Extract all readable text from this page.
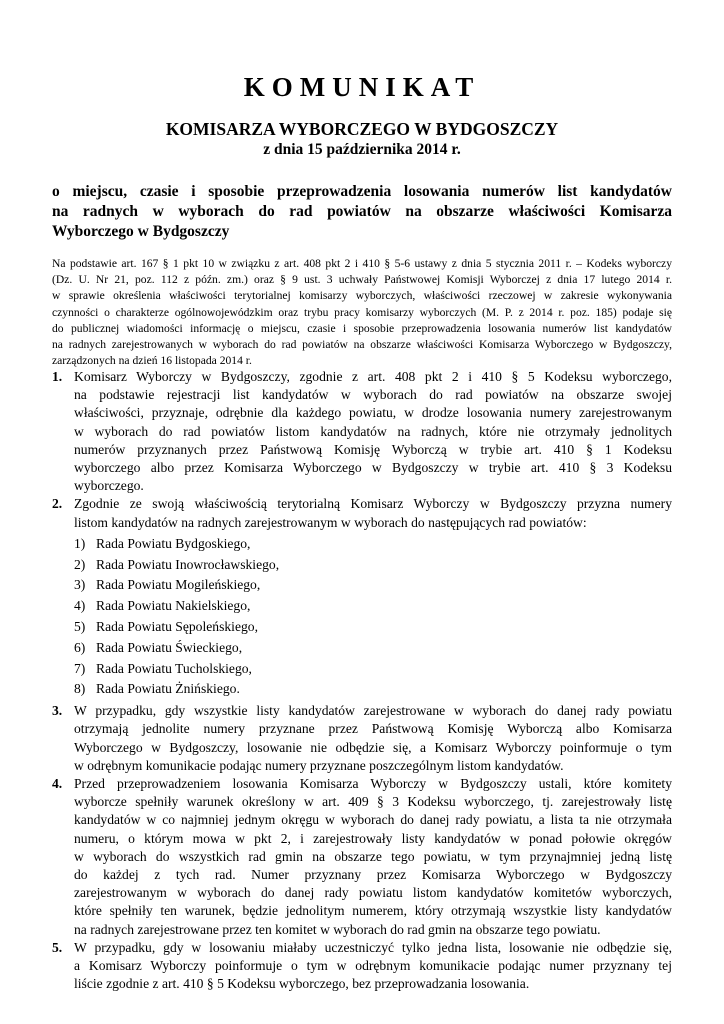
KOMUNIKAT
KOMISARZA WYBORCZEGO W BYDGOSZCZY
z dnia 15 października 2014 r.
o miejscu, czasie i sposobie przeprowadzenia losowania numerów list kandydatów
na radnych w wyborach do rad powiatów na obszarze właściwości Komisarza
Wyborczego w Bydgoszczy
Na podstawie art. 167 § 1 pkt 10 w związku z art. 408 pkt 2 i 410 § 5-6 ustawy z dnia 5 stycznia 2011 r. – Kodeks wyborczy
(Dz. U. Nr 21, poz. 112 z późn. zm.) oraz § 9 ust. 3 uchwały Państwowej Komisji Wyborczej z dnia 17 lutego 2014 r.
w sprawie określenia właściwości terytorialnej komisarzy wyborczych, właściwości rzeczowej w zakresie wykonywania
czynności o charakterze ogólnowojewódzkim oraz trybu pracy komisarzy wyborczych (M. P. z 2014 r. poz. 185) podaje się
do publicznej wiadomości informację o miejscu, czasie i sposobie przeprowadzenia losowania numerów list kandydatów
na radnych zarejestrowanych w wyborach do rad powiatów na obszarze właściwości Komisarza Wyborczego w Bydgoszczy,
zarządzonych na dzień 16 listopada 2014 r.
1. Komisarz Wyborczy w Bydgoszczy, zgodnie z art. 408 pkt 2 i 410 § 5 Kodeksu wyborczego,
na podstawie rejestracji list kandydatów w wyborach do rad powiatów na obszarze swojej
właściwości, przyznaje, odrębnie dla każdego powiatu, w drodze losowania numery zarejestrowanym
w wyborach do rad powiatów listom kandydatów na radnych, które nie otrzymały jednolitych
numerów przyznanych przez Państwową Komisję Wyborczą w trybie art. 410 § 1 Kodeksu
wyborczego albo przez Komisarza Wyborczego w Bydgoszczy w trybie art. 410 § 3 Kodeksu
wyborczego.
2. Zgodnie ze swoją właściwością terytorialną Komisarz Wyborczy w Bydgoszczy przyzna numery
listom kandydatów na radnych zarejestrowanym w wyborach do następujących rad powiatów:
1) Rada Powiatu Bydgoskiego,
2) Rada Powiatu Inowrocławskiego,
3) Rada Powiatu Mogileńskiego,
4) Rada Powiatu Nakielskiego,
5) Rada Powiatu Sępoleńskiego,
6) Rada Powiatu Świeckiego,
7) Rada Powiatu Tucholskiego,
8) Rada Powiatu Żnińskiego.
3. W przypadku, gdy wszystkie listy kandydatów zarejestrowane w wyborach do danej rady powiatu
otrzymają jednolite numery przyznane przez Państwową Komisję Wyborczą albo Komisarza
Wyborczego w Bydgoszczy, losowanie nie odbędzie się, a Komisarz Wyborczy poinformuje o tym
w odrębnym komunikacie podając numery przyznane poszczególnym listom kandydatów.
4. Przed przeprowadzeniem losowania Komisarza Wyborczy w Bydgoszczy ustali, które komitety
wyborcze spełniły warunek określony w art. 409 § 3 Kodeksu wyborczego, tj. zarejestrowały listę
kandydatów w co najmniej jednym okręgu w wyborach do danej rady powiatu, a lista ta nie otrzymała
numeru, o którym mowa w pkt 2, i zarejestrowały listy kandydatów w ponad połowie okręgów
w wyborach do wszystkich rad gmin na obszarze tego powiatu, w tym przynajmniej jedną listę
do każdej z tych rad. Numer przyznany przez Komisarza Wyborczego w Bydgoszczy
zarejestrowanym w wyborach do danej rady powiatu listom kandydatów komitetów wyborczych,
które spełniły ten warunek, będzie jednolitym numerem, który otrzymają wszystkie listy kandydatów
na radnych zarejestrowane przez ten komitet w wyborach do rad gmin na obszarze tego powiatu.
5. W przypadku, gdy w losowaniu miałaby uczestniczyć tylko jedna lista, losowanie nie odbędzie się,
a Komisarz Wyborczy poinformuje o tym w odrębnym komunikacie podając numer przyznany tej
liście zgodnie z art. 410 § 5 Kodeksu wyborczego, bez przeprowadzania losowania.
